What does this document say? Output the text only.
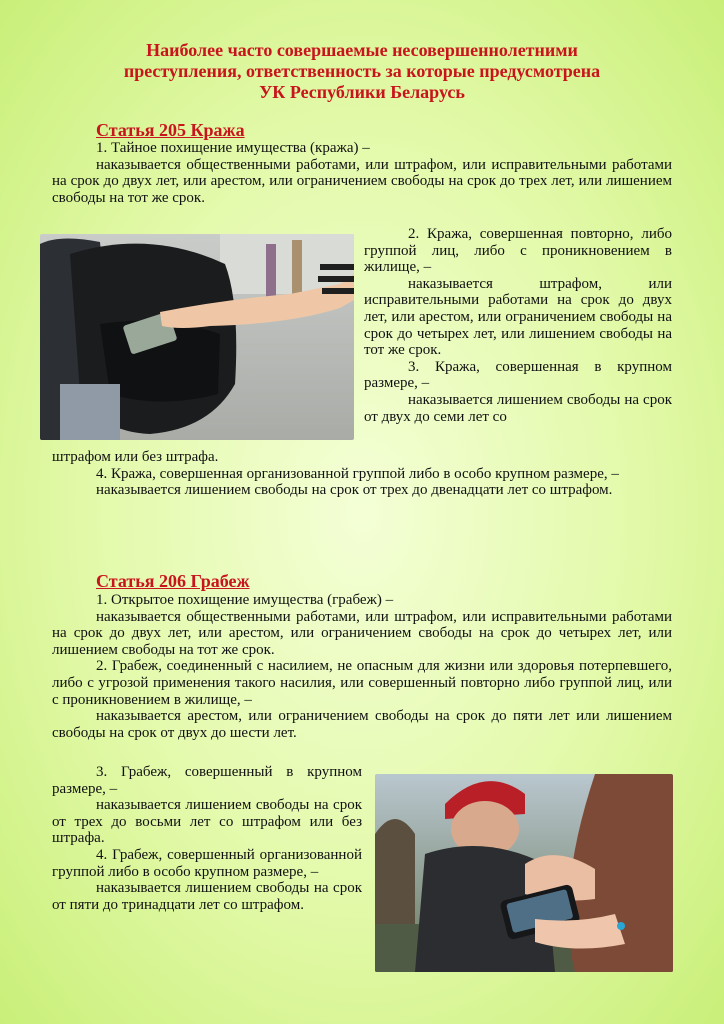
Наиболее часто совершаемые несовершеннолетними
преступления, ответственность за которые предусмотрена
УК Республики Беларусь
Статья 205 Кража

1. Тайное похищение имущества (кража) –

наказывается общественными работами, или штрафом, или исправительными работами на срок до двух лет, или арестом, или ограничением свободы на срок до трех лет, или лишением свободы на тот же срок.

2. Кража, совершенная повторно, либо группой лиц, либо с проникновением в жилище, –

наказывается штрафом, или исправительными работами на срок до двух лет, или арестом, или ограничением свободы на срок до четырех лет, или лишением свободы на тот же срок.

3. Кража, совершенная в крупном размере, –

наказывается лишением свободы на срок от двух до семи лет со

штрафом или без штрафа.

4. Кража, совершенная организованной группой либо в особо крупном размере, –

наказывается лишением свободы на срок от трех до двенадцати лет со штрафом.

Статья 206 Грабеж

1. Открытое похищение имущества (грабеж) –

наказывается общественными работами, или штрафом, или исправительными работами на срок до двух лет, или арестом, или ограничением свободы на срок до четырех лет, или лишением свободы на тот же срок.

2. Грабеж, соединенный с насилием, не опасным для жизни или здоровья потерпевшего, либо с угрозой применения такого насилия, или совершенный повторно либо группой лиц, или с проникновением в жилище, –

наказывается арестом, или ограничением свободы на срок до пяти лет или лишением свободы на срок от двух до шести лет.

3. Грабеж, совершенный в крупном размере, –

наказывается лишением свободы на срок от трех до восьми лет со штрафом или без штрафа.

4. Грабеж, совершенный организованной группой либо в особо крупном размере, –

наказывается лишением свободы на срок от пяти до тринадцати лет со штрафом.
